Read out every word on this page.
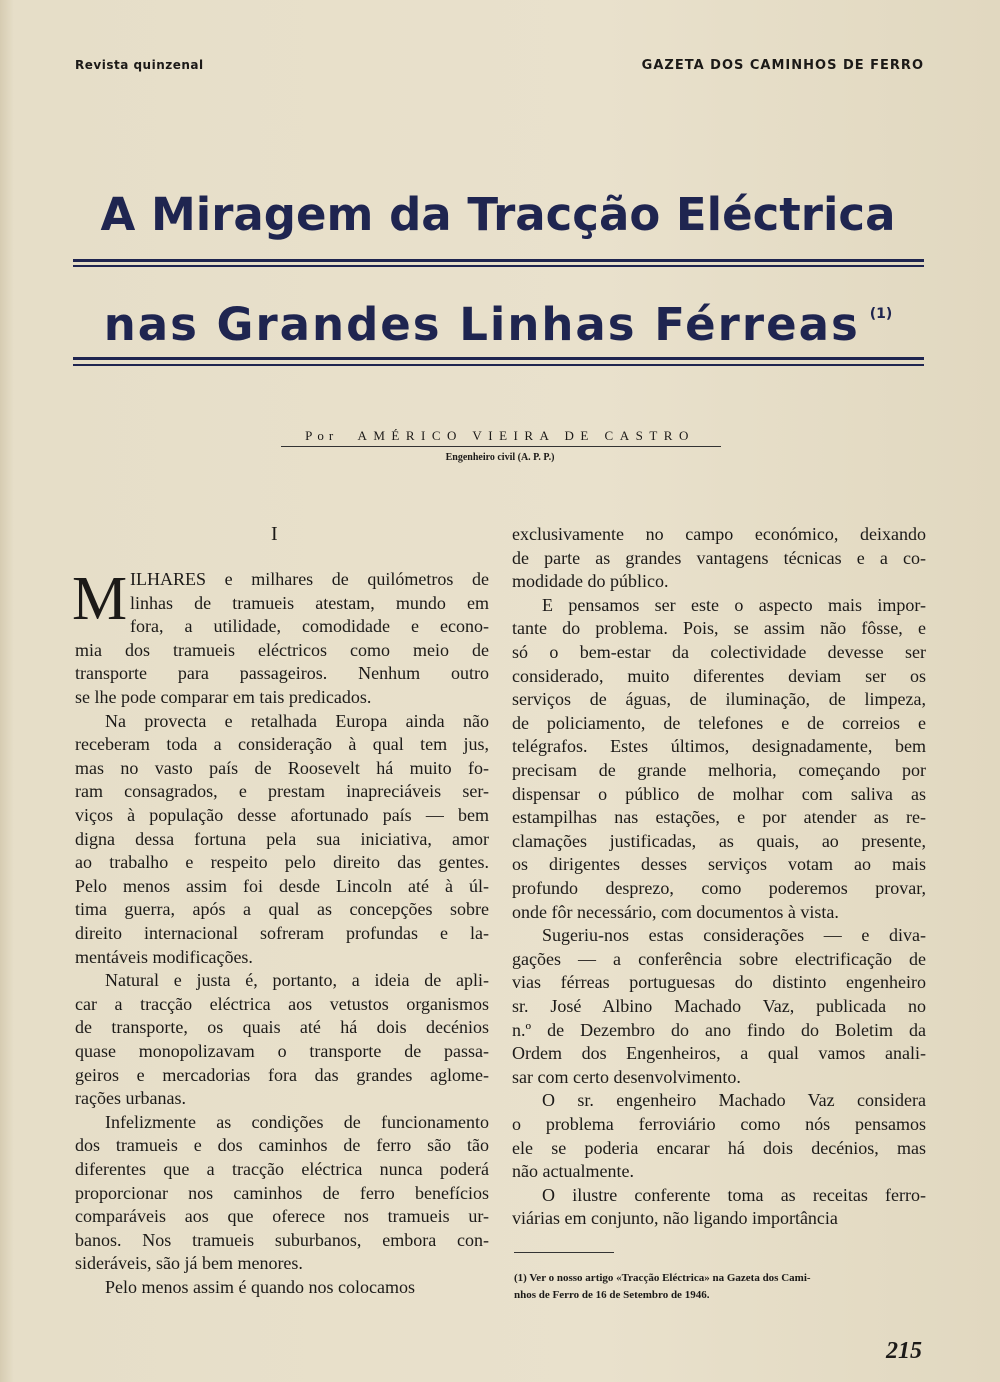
Revista quinzenal	GAZETA DOS CAMINHOS DE FERRO
A Miragem da Tracção Eléctrica
nas Grandes Linhas Férreas $^{(1)}$
Por AMÉRICO VIEIRA DE CASTRO
Engenheiro civil (A. P. P.)
I
M ILHARES e milhares de quilómetros de
linhas de tramueis atestam, mundo em
fora, a utilidade, comodidade e econo-
mia dos tramueis eléctricos como meio de
transporte para passageiros. Nenhum outro
se lhe pode comparar em tais predicados.
Na provecta e retalhada Europa ainda não
receberam toda a consideração à qual tem jus,
mas no vasto país de Roosevelt há muito fo-
ram consagrados, e prestam inapreciáveis ser-
viços à população desse afortunado país — bem
digna dessa fortuna pela sua iniciativa, amor
ao trabalho e respeito pelo direito das gentes.
Pelo menos assim foi desde Lincoln até à úl-
tima guerra, após a qual as concepções sobre
direito internacional sofreram profundas e la-
mentáveis modificações.
Natural e justa é, portanto, a ideia de apli-
car a tracção eléctrica aos vetustos organismos
de transporte, os quais até há dois decénios
quase monopolizavam o transporte de passa-
geiros e mercadorias fora das grandes aglome-
rações urbanas.
Infelizmente as condições de funcionamento
dos tramueis e dos caminhos de ferro são tão
diferentes que a tracção eléctrica nunca poderá
proporcionar nos caminhos de ferro benefícios
comparáveis aos que oferece nos tramueis ur-
banos. Nos tramueis suburbanos, embora con-
sideráveis, são já bem menores.
Pelo menos assim é quando nos colocamos
exclusivamente no campo económico, deixando
de parte as grandes vantagens técnicas e a co-
modidade do público.
E pensamos ser este o aspecto mais impor-
tante do problema. Pois, se assim não fôsse, e
só o bem-estar da colectividade devesse ser
considerado, muito diferentes deviam ser os
serviços de águas, de iluminação, de limpeza,
de policiamento, de telefones e de correios e
telégrafos. Estes últimos, designadamente, bem
precisam de grande melhoria, começando por
dispensar o público de molhar com saliva as
estampilhas nas estações, e por atender as re-
clamações justificadas, as quais, ao presente,
os dirigentes desses serviços votam ao mais
profundo desprezo, como poderemos provar,
onde fôr necessário, com documentos à vista.
Sugeriu-nos estas considerações — e diva-
gações — a conferência sobre electrificação de
vias férreas portuguesas do distinto engenheiro
sr. José Albino Machado Vaz, publicada no
n.º de Dezembro do ano findo do Boletim da
Ordem dos Engenheiros, a qual vamos anali-
sar com certo desenvolvimento.
O sr. engenheiro Machado Vaz considera
o problema ferroviário como nós pensamos
ele se poderia encarar há dois decénios, mas
não actualmente.
O ilustre conferente toma as receitas ferro-
viárias em conjunto, não ligando importância
(1) Ver o nosso artigo «Tracção Eléctrica» na Gazeta dos Cami-
nhos de Ferro de 16 de Setembro de 1946.
215
